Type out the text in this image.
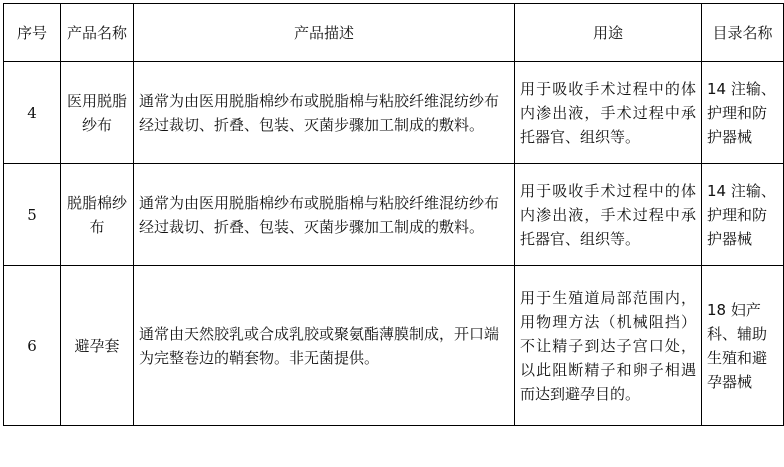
序号	产品名称	产品描述	用途	目录名称
4	医用脱脂纱布	通常为由医用脱脂棉纱布或脱脂棉与粘胶纤维混纺纱布经过裁切、折叠、包装、灭菌步骤加工制成的敷料。	用于吸收手术过程中的体内渗出液，手术过程中承托器官、组织等。	14 注输、护理和防护器械
5	脱脂棉纱布	通常为由医用脱脂棉纱布或脱脂棉与粘胶纤维混纺纱布经过裁切、折叠、包装、灭菌步骤加工制成的敷料。	用于吸收手术过程中的体内渗出液，手术过程中承托器官、组织等。	14 注输、护理和防护器械
6	避孕套	通常由天然胶乳或合成乳胶或聚氨酯薄膜制成，开口端为完整卷边的鞘套物。非无菌提供。	用于生殖道局部范围内，用物理方法（机械阻挡）不让精子到达子宫口处，以此阻断精子和卵子相遇而达到避孕目的。	18 妇产科、辅助生殖和避孕器械
